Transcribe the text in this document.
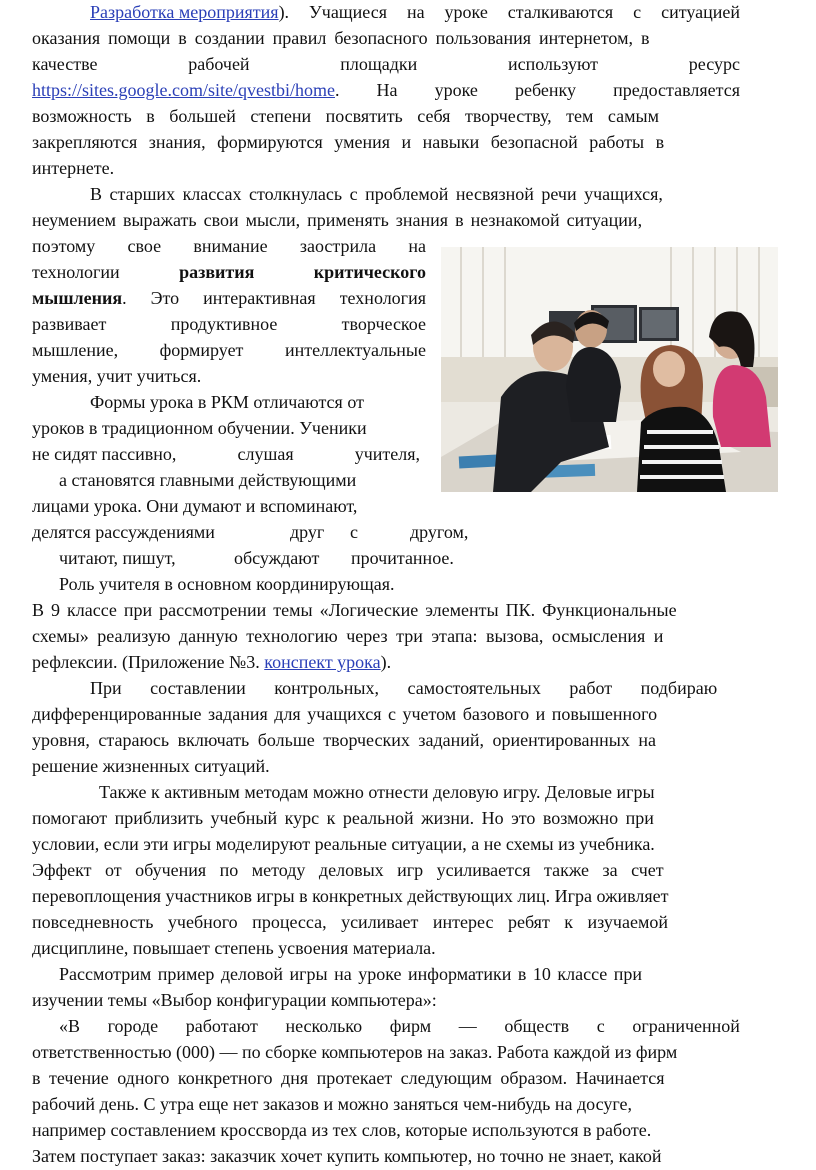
Разработка мероприятия). Учащиеся на уроке сталкиваются с ситуацией
оказания помощи в создании правил безопасного пользования интернетом, в
качестве	рабочей	площадки	используют	ресурс
https://sites.google.com/site/qvestbi/home. На уроке ребенку предоставляется
возможность в большей степени посвятить себя творчеству, тем самым
закрепляются знания, формируются умения и навыки безопасной работы в
интернете.
В старших классах столкнулась с проблемой несвязной речи учащихся,
неумением выражать свои мысли, применять знания в незнакомой ситуации,
поэтому свое внимание заострила на
технологии	развития	критического
мышления. Это интерактивная технология
развивает	продуктивное	творческое
мышление, формирует интеллектуальные
умения, учит учиться.
Формы урока в РКМ отличаются от
уроков в традиционном обучении. Ученики
не сидят пассивно,	слушая	учителя,
а становятся главными действующими
лицами урока. Они думают и вспоминают,
делятся рассуждениями	друг с	другом,
читают, пишут,	обсуждают прочитанное.
Роль учителя в основном координирующая.
В 9 классе при рассмотрении темы «Логические элементы ПК. Функциональные
схемы» реализую данную технологию через три этапа: вызова, осмысления и
рефлексии. (Приложение №3. конспект урока).
При составлении контрольных, самостоятельных работ подбираю
дифференцированные задания для учащихся с учетом базового и повышенного
уровня, стараюсь включать больше творческих заданий, ориентированных на
решение жизненных ситуаций.
Также к активным методам можно отнести деловую игру. Деловые игры
помогают приблизить учебный курс к реальной жизни. Но это возможно при
условии, если эти игры моделируют реальные ситуации, а не схемы из учебника.
Эффект от обучения по методу деловых игр усиливается также за счет
перевоплощения участников игры в конкретных действующих лиц. Игра оживляет
повседневность учебного процесса, усиливает интерес ребят к изучаемой
дисциплине, повышает степень усвоения материала.
Рассмотрим пример деловой игры на уроке информатики в 10 классе при
изучении темы «Выбор конфигурации компьютера»:
«В городе работают несколько фирм — обществ с ограниченной
ответственностью (000) — по сборке компьютеров на заказ. Работа каждой из фирм
в течение одного конкретного дня протекает следующим образом. Начинается
рабочий день. С утра еще нет заказов и можно заняться чем-нибудь на досуге,
например составлением кроссворда из тех слов, которые используются в работе.
Затем поступает заказ: заказчик хочет купить компьютер, но точно не знает, какой
